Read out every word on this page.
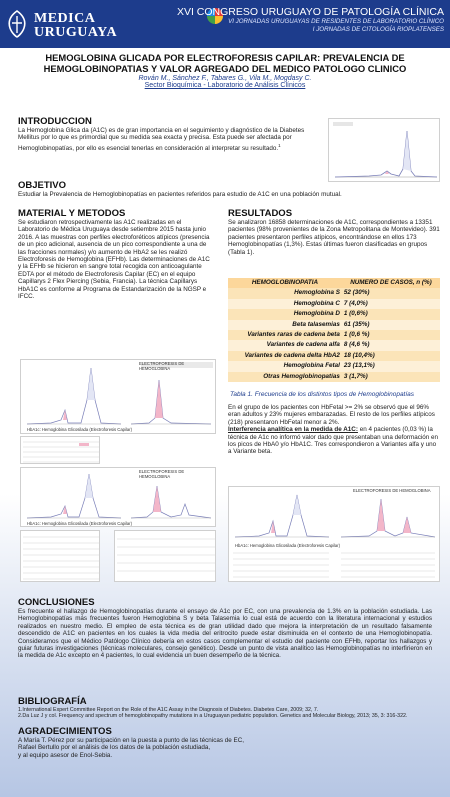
MEDICA
URUGUAYA
XVI CONGRESO URUGUAYO DE PATOLOGÍA CLÍNICA
VI JORNADAS URUGUAYAS DE RESIDENTES DE LABORATORIO CLÍNICO
I JORNADAS DE CITOLOGÍA RIOPLATENSES
HEMOGLOBINA GLICADA POR ELECTROFORESIS CAPILAR: PREVALENCIA DE HEMOGLOBINOPATIAS Y VALOR AGREGADO DEL MEDICO PATOLOGO CLINICO
Rován M., Sánchez F., Tabares G., Vila M., Mogdasy C.
Sector Bioquímica - Laboratorio de Análisis Clínicos
INTRODUCCION

La Hemoglobina Glica da (A1C) es de gran importancia en el seguimiento y diagnóstico de la Diabetes Mellitus por lo que es primordial que su medida sea exacta y precisa. Esta puede ser afectada por Hemoglobinopatías, por ello es esencial tenerlas en consideración al interpretar su resultado.$^1$

OBJETIVO

Estudiar la Prevalencia de Hemoglobinopatías en pacientes referidos para estudio de A1C en una población mutual.

MATERIAL Y METODOS

Se estudiaron retrospectivamente las A1C realizadas en el Laboratorio de Médica Uruguaya desde setiembre 2015 hasta junio 2016. A las muestras con perfiles electroforéticos atípicos (presencia de un pico adicional, ausencia de un pico correspondiente a una de las fracciones normales) y/o aumento de HbA2 se les realizó Electroforesis de Hemoglobina (EFHb). Las determinaciones de A1C y la EFHb se hicieron en sangre total recogida con anticoagulante EDTA por el método de Electroforesis Capilar (EC) en el equipo Capillarys 2 Flex Piercing (Sebia, Francia). La técnica Capillarys HbA1C es conforme al Programa de Estandarización de la NGSP e IFCC.

RESULTADOS

Se analizaron 16858 determinaciones de A1C, correspondientes a 13351 pacientes (98% provenientes de la Zona Metropolitana de Montevideo). 391 pacientes presentaron perfiles atípicos, encontrándose en ellos 173 Hemoglobinopatías (1,3%). Estas últimas fueron clasificadas en grupos (Tabla 1).

HEMOGLOBINOPATIA	NUMERO DE CASOS, n (%)
Hemoglobina S	52 (30%)
Hemoglobina C	7 (4,0%)
Hemoglobina D	1 (0,6%)
Beta talasemias	61 (35%)
Variantes raras de cadena beta	1 (0,6 %)
Variantes de cadena alfa	8 (4,6 %)
Variantes de cadena delta HbA2	18 (10,4%)
Hemoglobina Fetal	23 (13,1%)
Otras Hemoglobinopatías	3 (1,7%)
Tabla 1. Frecuencia de los distintos tipos de Hemoglobinopatías

En el grupo de los pacientes con HbFetal >= 2% se observó que el 96% eran adultos y 23% mujeres embarazadas. El resto de los perfiles atípicos (218) presentaron HbFetal menor a 2%.

Interferencia analítica en la medida de A1C: en 4 pacientes (0,03 %) la técnica de A1c no informó valor dado que presentaban una deformación en los picos de HbA0 y/o HbA1C. Tres correspondieron a Variantes alfa y uno a Variante beta.

ELECTROFORESIS DE HEMOGLOBINA
HbA1c: Hemoglobina Glicosilada (Electroforesis Capilar)
ELECTROFORESIS DE HEMOGLOBINA
HbA1c: Hemoglobina Glicosilada (Electroforesis Capilar)
ELECTROFORESIS DE HEMOGLOBINA
HbA1c: Hemoglobina Glicosilada (Electroforesis Capilar)
CONCLUSIONES

Es frecuente el hallazgo de Hemoglobinopatías durante el ensayo de A1c por EC, con una prevalencia de 1.3% en la población estudiada. Las Hemoglobinopatías más frecuentes fueron Hemoglobina S y beta Talasemia lo cual está de acuerdo con la literatura internacional y estudios realizados en nuestro medio. El empleo de esta técnica es de gran utilidad dado que mejora la interpretación de un resultado falsamente descendido de A1C en pacientes en los cuales la vida media del eritrocito puede estar disminuida en el contexto de una Hemoglobinopatía. Consideramos que el Médico Patólogo Clínico debería en estos casos complementar el estudio del paciente con EFHb, reportar los hallazgos y guiar futuras investigaciones (técnicas moleculares, consejo genético). Desde un punto de vista analítico las Hemoglobinopatías no interfirieron en la medida de A1c excepto en 4 pacientes, lo cual evidencia un buen desempeño de la técnica.

BIBLIOGRAFÍA

1.International Expert Committee Report on the Role of the A1C Assay in the Diagnosis of Diabetes. Diabetes Care, 2009; 32, 7.

2.Da Luz J y col. Frequency and spectrum of hemoglobinopathy mutations in a Uruguayan pediatric population. Genetics and Molecular Biology, 2013; 35, 3: 316-322.

AGRADECIMIENTOS

A María T. Pérez por su participación en la puesta a punto de las técnicas de EC,

Rafael Bertullo por el análisis de los datos de la población estudiada,

y al equipo asesor de Enol-Sebia.
